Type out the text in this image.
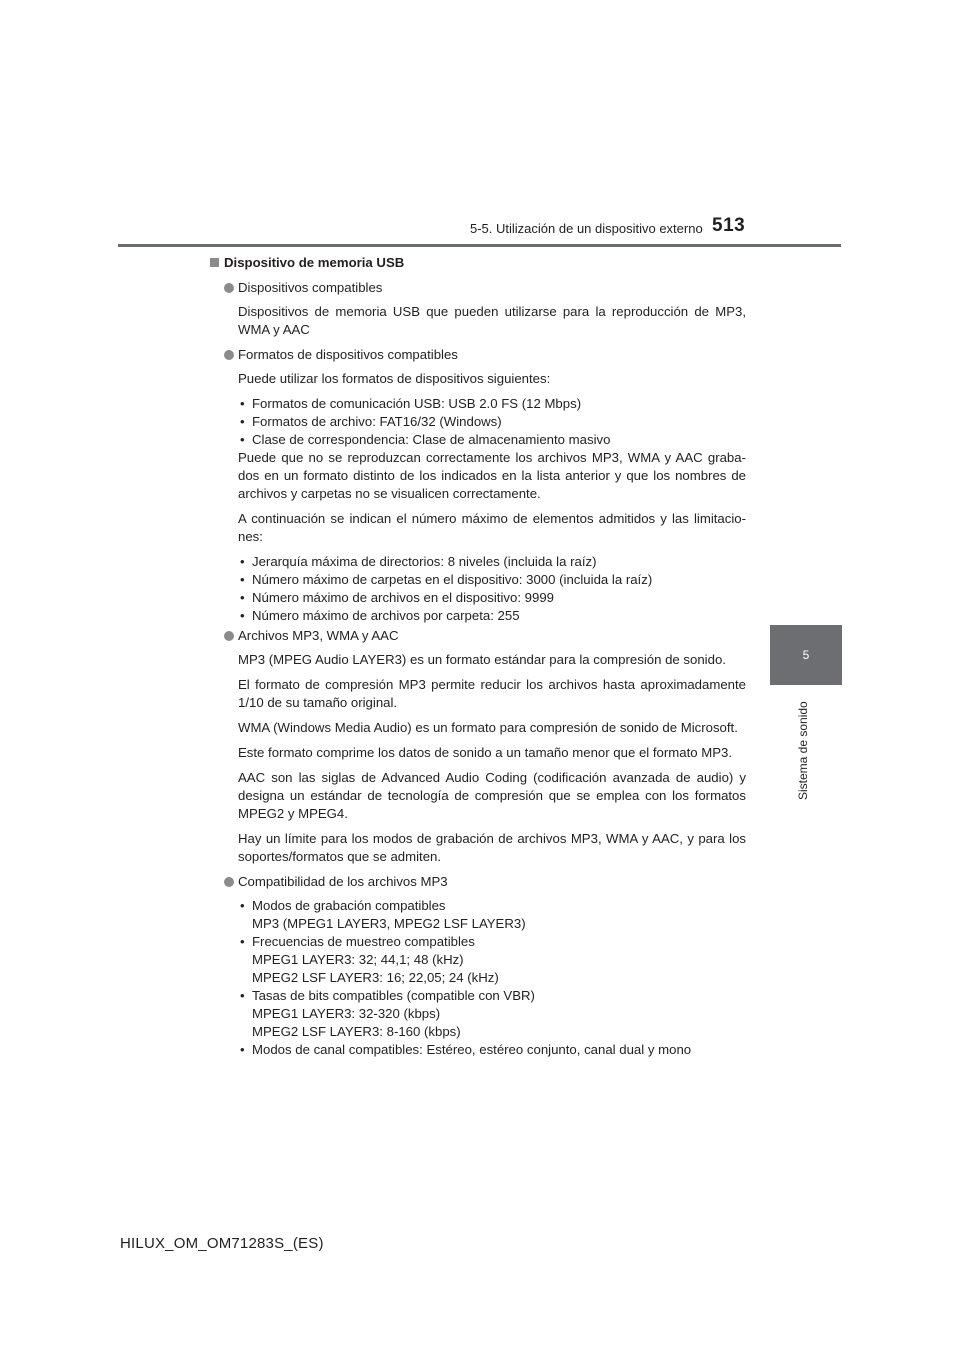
5-5. Utilización de un dispositivo externo 513
5
Sistema de sonido
Dispositivo de memoria USB
Dispositivos compatibles
Dispositivos de memoria USB que pueden utilizarse para la reproducción de MP3, WMA y AAC
Formatos de dispositivos compatibles
Puede utilizar los formatos de dispositivos siguientes:
• Formatos de comunicación USB: USB 2.0 FS (12 Mbps)
• Formatos de archivo: FAT16/32 (Windows)
• Clase de correspondencia: Clase de almacenamiento masivo
Puede que no se reproduzcan correctamente los archivos MP3, WMA y AAC graba-dos en un formato distinto de los indicados en la lista anterior y que los nombres de archivos y carpetas no se visualicen correctamente.
A continuación se indican el número máximo de elementos admitidos y las limitacio-nes:
• Jerarquía máxima de directorios: 8 niveles (incluida la raíz)
• Número máximo de carpetas en el dispositivo: 3000 (incluida la raíz)
• Número máximo de archivos en el dispositivo: 9999
• Número máximo de archivos por carpeta: 255
Archivos MP3, WMA y AAC
MP3 (MPEG Audio LAYER3) es un formato estándar para la compresión de sonido.
El formato de compresión MP3 permite reducir los archivos hasta aproximadamente 1/10 de su tamaño original.
WMA (Windows Media Audio) es un formato para compresión de sonido de Microsoft.
Este formato comprime los datos de sonido a un tamaño menor que el formato MP3.
AAC son las siglas de Advanced Audio Coding (codificación avanzada de audio) y designa un estándar de tecnología de compresión que se emplea con los formatos MPEG2 y MPEG4.
Hay un límite para los modos de grabación de archivos MP3, WMA y AAC, y para los soportes/formatos que se admiten.
Compatibilidad de los archivos MP3
• Modos de grabación compatibles
MP3 (MPEG1 LAYER3, MPEG2 LSF LAYER3)
• Frecuencias de muestreo compatibles
MPEG1 LAYER3: 32; 44,1; 48 (kHz)
MPEG2 LSF LAYER3: 16; 22,05; 24 (kHz)
• Tasas de bits compatibles (compatible con VBR)
MPEG1 LAYER3: 32-320 (kbps)
MPEG2 LSF LAYER3: 8-160 (kbps)
• Modos de canal compatibles: Estéreo, estéreo conjunto, canal dual y mono
HILUX_OM_OM71283S_(ES)
